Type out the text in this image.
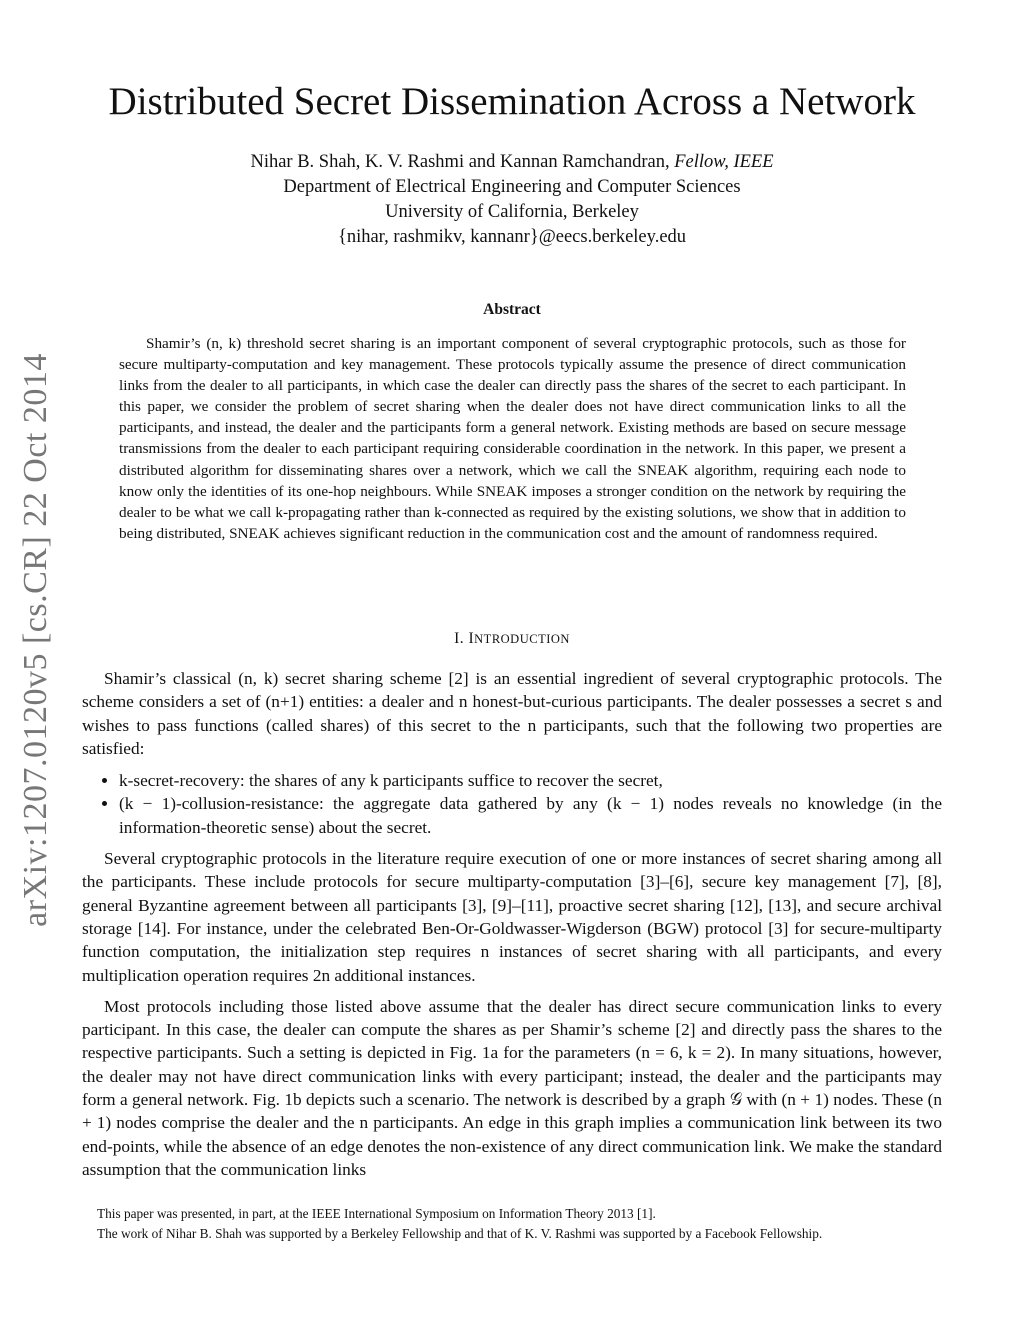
arXiv:1207.0120v5 [cs.CR] 22 Oct 2014
Distributed Secret Dissemination Across a Network
Nihar B. Shah, K. V. Rashmi and Kannan Ramchandran, Fellow, IEEE
Department of Electrical Engineering and Computer Sciences
University of California, Berkeley
{nihar, rashmikv, kannanr}@eecs.berkeley.edu
Abstract

Shamir’s (n, k) threshold secret sharing is an important component of several cryptographic protocols, such as those for secure multiparty-computation and key management. These protocols typically assume the presence of direct communication links from the dealer to all participants, in which case the dealer can directly pass the shares of the secret to each participant. In this paper, we consider the problem of secret sharing when the dealer does not have direct communication links to all the participants, and instead, the dealer and the participants form a general network. Existing methods are based on secure message transmissions from the dealer to each participant requiring considerable coordination in the network. In this paper, we present a distributed algorithm for disseminating shares over a network, which we call the SNEAK algorithm, requiring each node to know only the identities of its one-hop neighbours. While SNEAK imposes a stronger condition on the network by requiring the dealer to be what we call k-propagating rather than k-connected as required by the existing solutions, we show that in addition to being distributed, SNEAK achieves significant reduction in the communication cost and the amount of randomness required.

I. INTRODUCTION

Shamir’s classical (n, k) secret sharing scheme [2] is an essential ingredient of several cryptographic protocols. The scheme considers a set of (n+1) entities: a dealer and n honest-but-curious participants. The dealer possesses a secret s and wishes to pass functions (called shares) of this secret to the n participants, such that the following two properties are satisfied:

• k-secret-recovery: the shares of any k participants suffice to recover the secret,
• (k − 1)-collusion-resistance: the aggregate data gathered by any (k − 1) nodes reveals no knowledge (in the information-theoretic sense) about the secret.

Several cryptographic protocols in the literature require execution of one or more instances of secret sharing among all the participants. These include protocols for secure multiparty-computation [3]–[6], secure key management [7], [8], general Byzantine agreement between all participants [3], [9]–[11], proactive secret sharing [12], [13], and secure archival storage [14]. For instance, under the celebrated Ben-Or-Goldwasser-Wigderson (BGW) protocol [3] for secure-multiparty function computation, the initialization step requires n instances of secret sharing with all participants, and every multiplication operation requires 2n additional instances.

Most protocols including those listed above assume that the dealer has direct secure communication links to every participant. In this case, the dealer can compute the shares as per Shamir’s scheme [2] and directly pass the shares to the respective participants. Such a setting is depicted in Fig. 1a for the parameters (n = 6, k = 2). In many situations, however, the dealer may not have direct communication links with every participant; instead, the dealer and the participants may form a general network. Fig. 1b depicts such a scenario. The network is described by a graph 𝒢 with (n + 1) nodes. These (n + 1) nodes comprise the dealer and the n participants. An edge in this graph implies a communication link between its two end-points, while the absence of an edge denotes the non-existence of any direct communication link. We make the standard assumption that the communication links

This paper was presented, in part, at the IEEE International Symposium on Information Theory 2013 [1].

The work of Nihar B. Shah was supported by a Berkeley Fellowship and that of K. V. Rashmi was supported by a Facebook Fellowship.
